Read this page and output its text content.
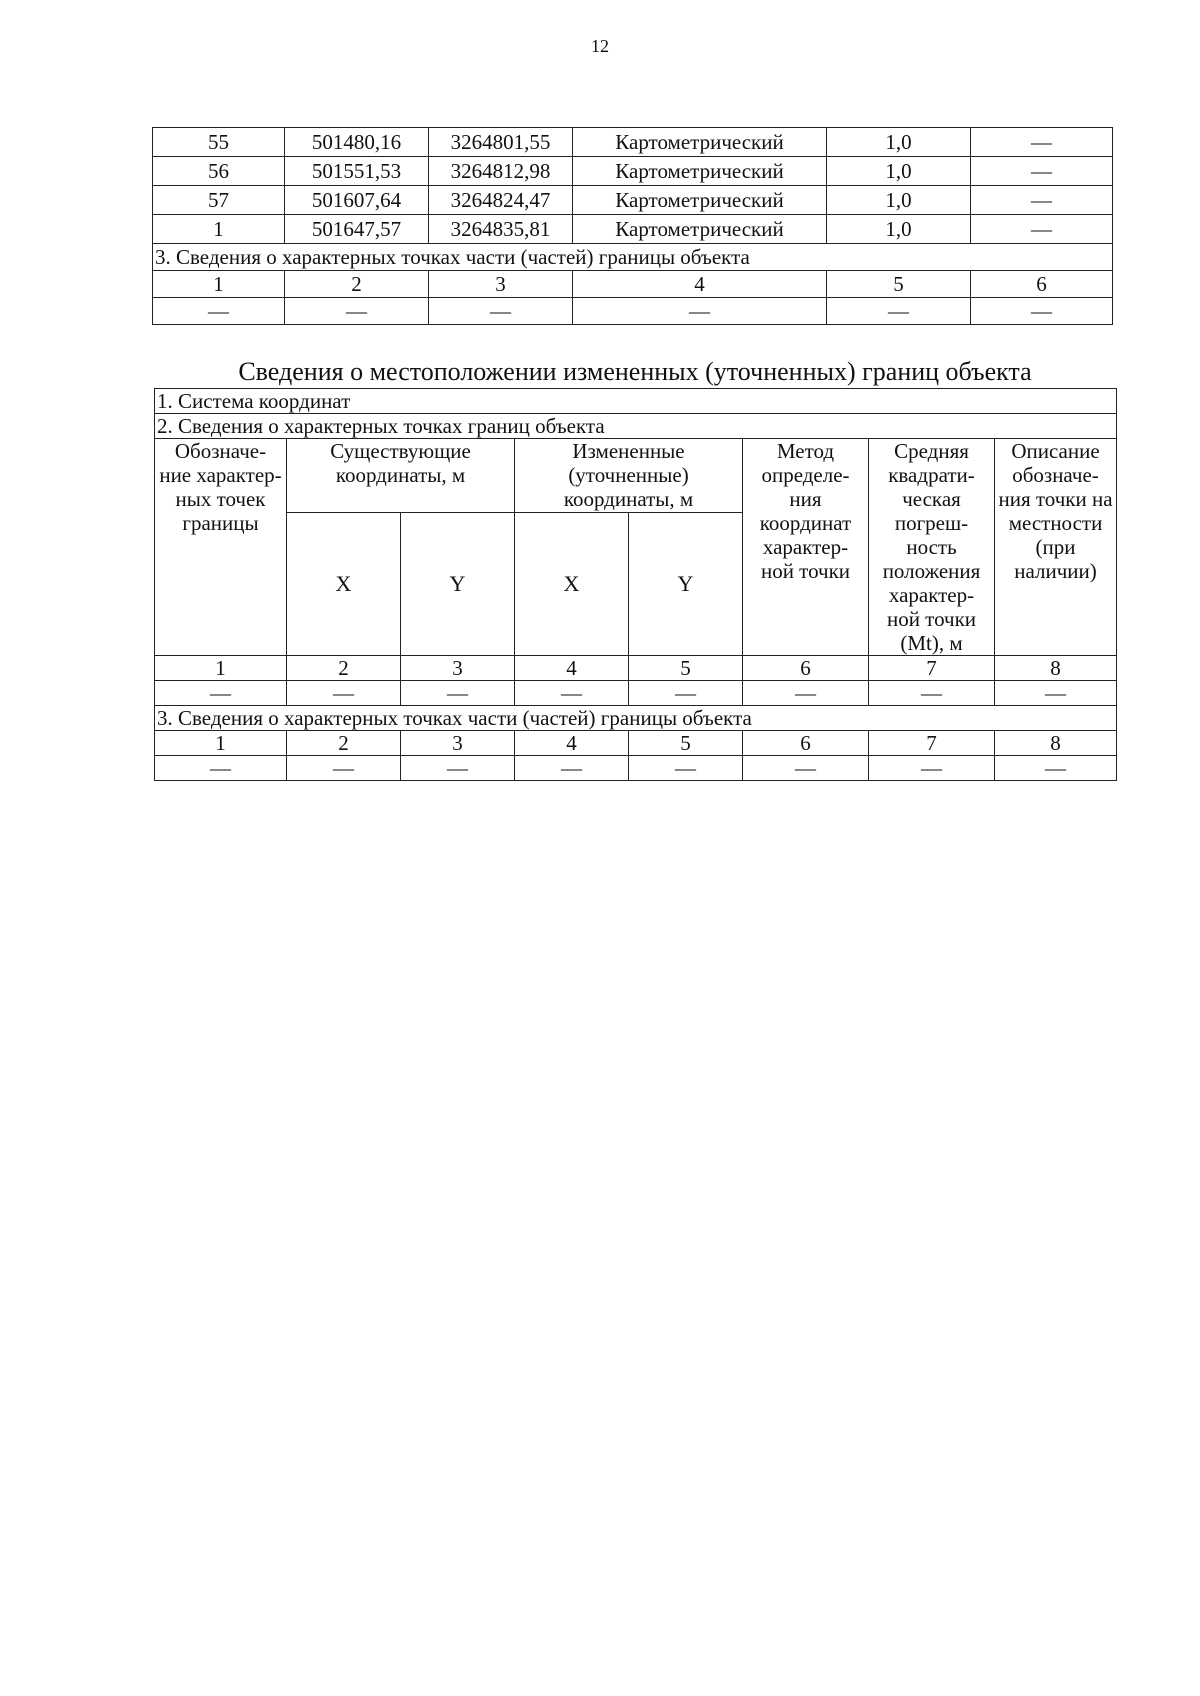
12
55	501480,16	3264801,55	Картометрический	1,0	—
56	501551,53	3264812,98	Картометрический	1,0	—
57	501607,64	3264824,47	Картометрический	1,0	—
1	501647,57	3264835,81	Картометрический	1,0	—
3. Сведения о характерных точках части (частей) границы объекта					
1	2	3	4	5	6
—	—	—	—	—	—
Сведения о местоположении измененных (уточненных) границ объекта
1. Система координат							
2. Сведения о характерных точках границ объекта							
Обозначе- ние характер- ных точек границы	Существующие координаты, м		Измененные (уточненные) координаты, м		Метод определе- ния координат характер- ной точки	Средняя квадрати- ческая погреш- ность положения характер- ной точки (Mt), м	Описание обозначе- ния точки на местности (при наличии)
	X	Y	X	Y			
1	2	3	4	5	6	7	8
—	—	—	—	—	—	—	—
3. Сведения о характерных точках части (частей) границы объекта							
1	2	3	4	5	6	7	8
—	—	—	—	—	—	—	—
